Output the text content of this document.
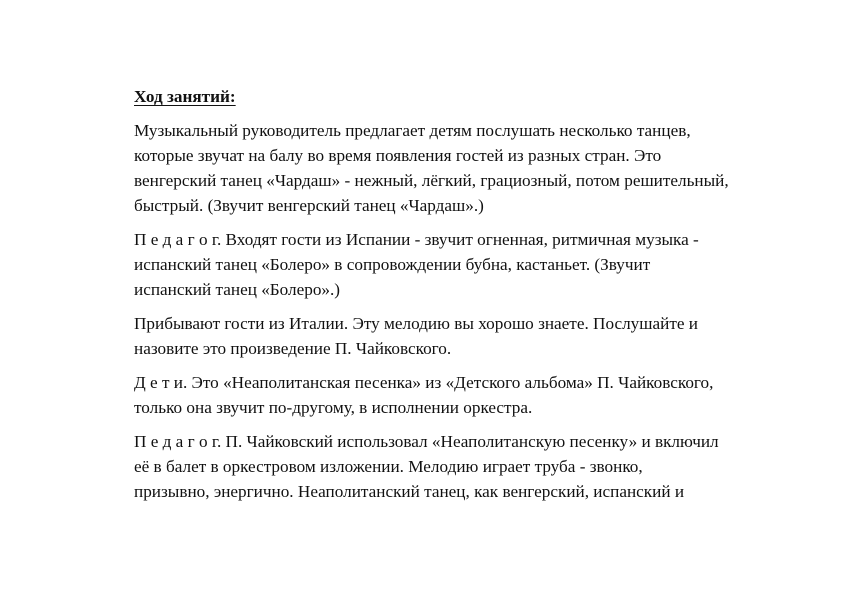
Ход занятий:
Музыкальный руководитель предлагает детям послушать несколько танцев,
которые звучат на балу во время появления гостей из разных стран. Это
венгерский танец «Чардаш» - нежный, лёгкий, грациозный, потом решительный,
быстрый. (Звучит венгерский танец «Чардаш».)
П е д а г о г. Входят гости из Испании - звучит огненная, ритмичная музыка -
испанский танец «Болеро» в сопровождении бубна, кастаньет. (Звучит
испанский танец «Болеро».)
Прибывают гости из Италии. Эту мелодию вы хорошо знаете. Послушайте и
назовите это произведение П. Чайковского.
Д е т и. Это «Неаполитанская песенка» из «Детского альбома» П. Чайковского,
только она звучит по-другому, в исполнении оркестра.
П е д а г о г. П. Чайковский использовал «Неаполитанскую песенку» и включил
её в балет в оркестровом изложении. Мелодию играет труба - звонко,
призывно, энергично. Неаполитанский танец, как венгерский, испанский и
